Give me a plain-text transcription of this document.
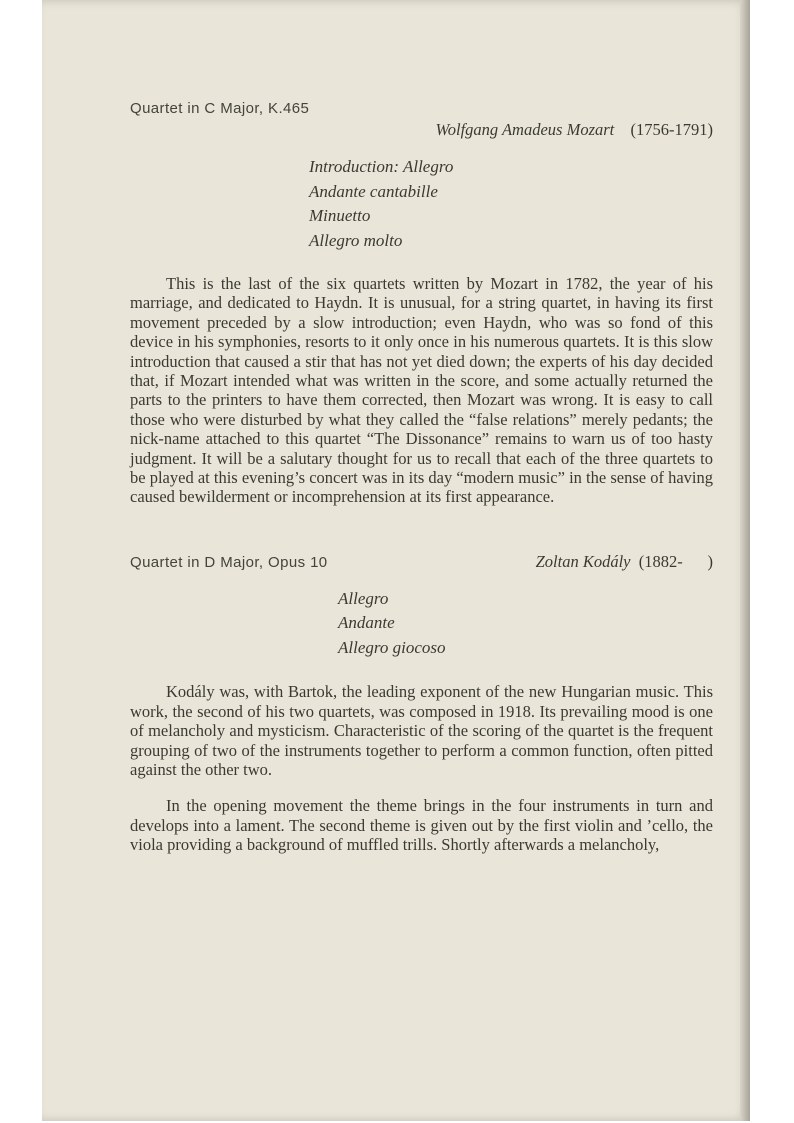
Quartet in C Major, K.465
Wolfgang Amadeus Mozart (1756-1791)
Introduction: Allegro
Andante cantabille
Minuetto
Allegro molto

This is the last of the six quartets written by Mozart in 1782, the year of his marriage, and dedicated to Haydn. It is unusual, for a string quartet, in having its first movement preceded by a slow introduction; even Haydn, who was so fond of this device in his symphonies, resorts to it only once in his numerous quartets. It is this slow introduction that caused a stir that has not yet died down; the experts of his day decided that, if Mozart intended what was written in the score, and some actually returned the parts to the printers to have them corrected, then Mozart was wrong. It is easy to call those who were disturbed by what they called the “false relations” merely pedants; the nick-name attached to this quartet “The Dissonance” remains to warn us of too hasty judgment. It will be a salutary thought for us to recall that each of the three quartets to be played at this evening’s concert was in its day “modern music” in the sense of having caused bewilderment or incomprehension at its first appearance.

Quartet in D Major, Opus 10	Zoltan Kodály (1882-      )
Allegro
Andante
Allegro giocoso

Kodály was, with Bartok, the leading exponent of the new Hungarian music. This work, the second of his two quartets, was composed in 1918. Its prevailing mood is one of melancholy and mysticism. Characteristic of the scoring of the quartet is the frequent grouping of two of the instruments together to perform a common function, often pitted against the other two.

In the opening movement the theme brings in the four instruments in turn and develops into a lament. The second theme is given out by the first violin and ’cello, the viola providing a background of muffled trills. Shortly afterwards a melancholy,
